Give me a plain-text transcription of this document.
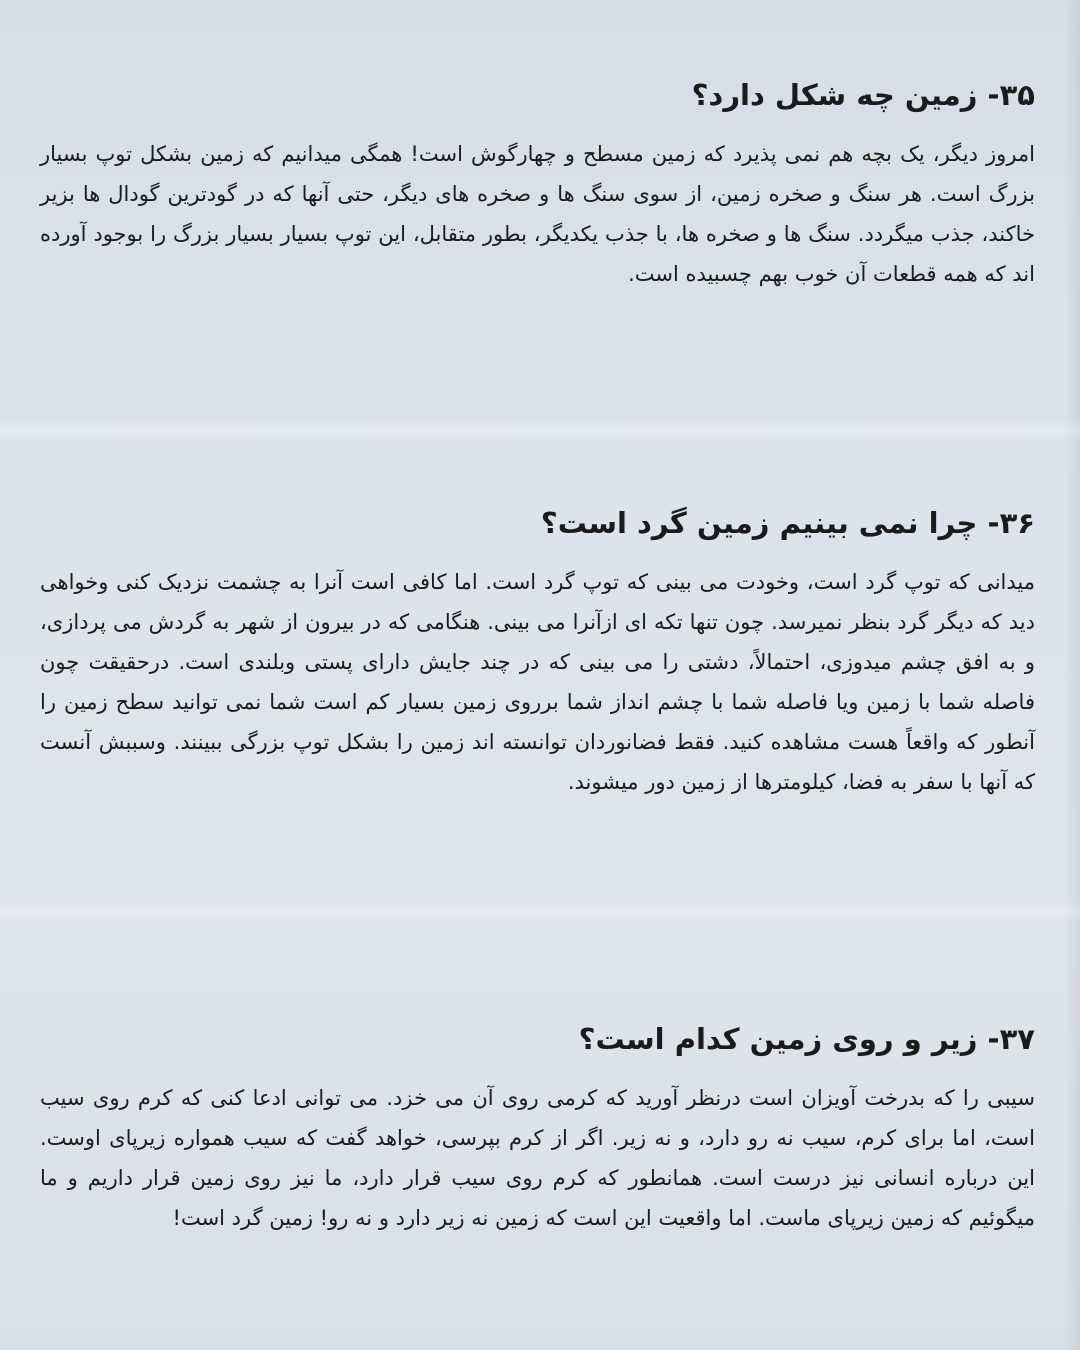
۳۵- زمین چه شکل دارد؟

امروز دیگر، یک بچه هم نمی پذیرد که زمین مسطح و چهارگوش است! همگی میدانیم که زمین بشکل توپ بسیار بزرگ است. هر سنگ و صخره زمین، از سوی سنگ ها و صخره های دیگر، حتی آنها که در گودترین گودال ها بزیر خاکند، جذب میگردد. سنگ ها و صخره ها، با جذب یکدیگر، بطور متقابل، این توپ بسیار بسیار بزرگ را بوجود آورده اند که همه قطعات آن خوب بهم چسبیده است.

۳۶- چرا نمی بینیم زمین گرد است؟

میدانی که توپ گرد است، وخودت می بینی که توپ گرد است. اما کافی است آنرا به چشمت نزدیک کنی وخواهی دید که دیگر گرد بنظر نمیرسد. چون تنها تکه ای ازآنرا می بینی. هنگامی که در بیرون از شهر به گردش می پردازی، و به افق چشم میدوزی، احتمالاً، دشتی را می بینی که در چند جایش دارای پستی وبلندی است. درحقیقت چون فاصله شما با زمین ویا فاصله شما با چشم انداز شما برروی زمین بسیار کم است شما نمی توانید سطح زمین را آنطور که واقعاً هست مشاهده کنید. فقط فضانوردان توانسته اند زمین را بشکل توپ بزرگی ببینند. وسببش آنست که آنها با سفر به فضا، کیلومترها از زمین دور میشوند.

۳۷- زیر و روی زمین کدام است؟

سیبی را که بدرخت آویزان است درنظر آورید که کرمی روی آن می خزد. می توانی ادعا کنی که کرم روی سیب است، اما برای کرم، سیب نه رو دارد، و نه زیر. اگر از کرم بپرسی، خواهد گفت که سیب همواره زیرپای اوست. این درباره انسانی نیز درست است. همانطور که کرم روی سیب قرار دارد، ما نیز روی زمین قرار داریم و ما میگوئیم که زمین زیرپای ماست. اما واقعیت این است که زمین نه زیر دارد و نه رو! زمین گرد است!
